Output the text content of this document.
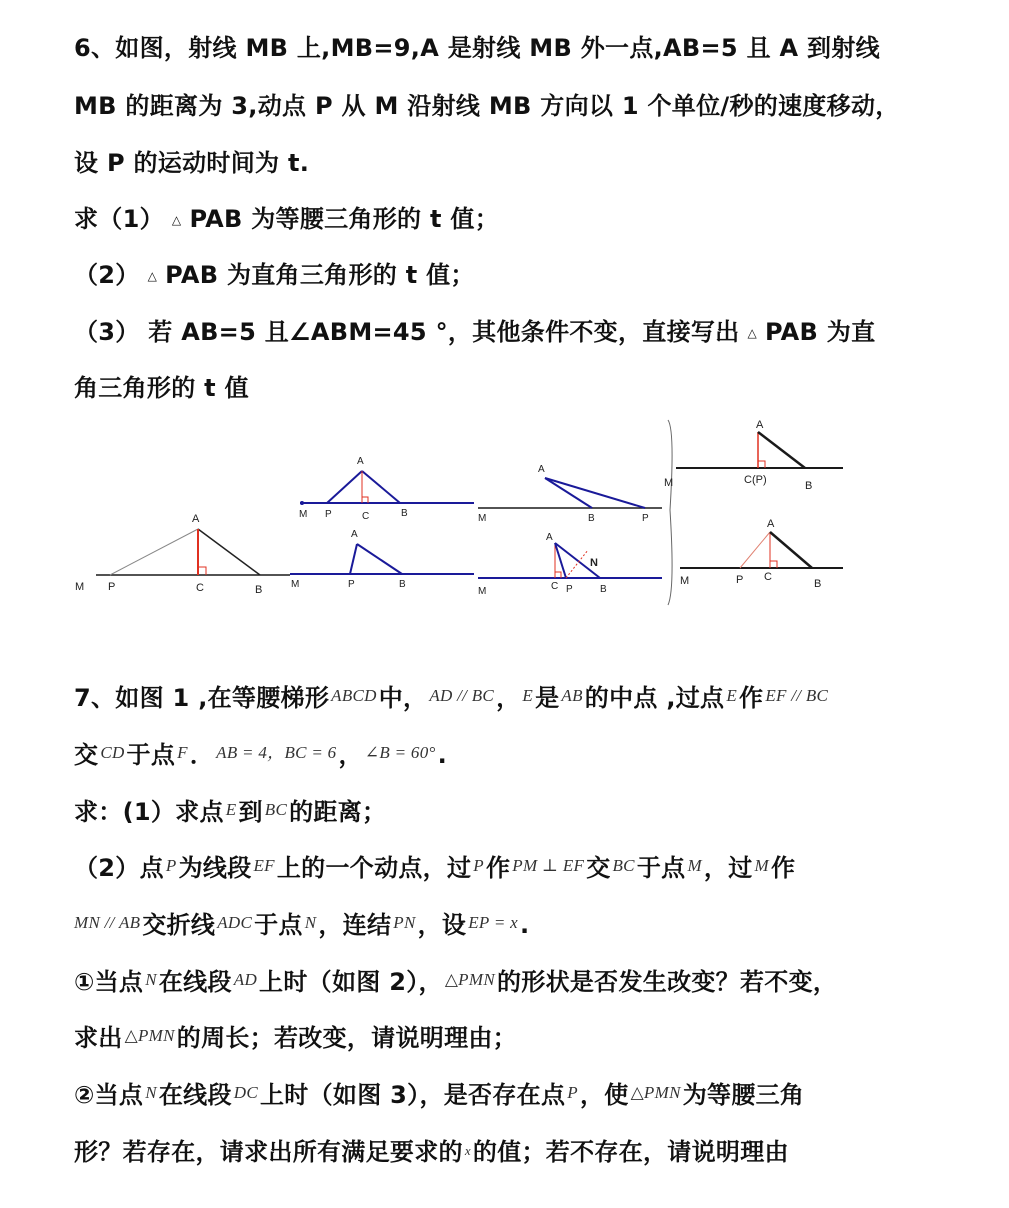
6、如图，射线 MB 上,MB=9,A 是射线 MB 外一点,AB=5 且 A 到射线
MB 的距离为 3,动点 P 从 M 沿射线 MB 方向以 1 个单位/秒的速度移动，
设 P 的运动时间为 t.
求（1） △ PAB 为等腰三角形的 t 值；
（2） △ PAB 为直角三角形的 t 值；
（3） 若 AB=5 且∠ABM=45 °，其他条件不变，直接写出 △ PAB 为直
角三角形的 t 值
A
M P	C	B
A
M P	C	B
A
M	P	B
A
M	B	P
A
N
M	C P	B
A
M	C(P)	B
A
M	P C
B
7、如图 1 ,在等腰梯形 $^{ABCD}$中， $^{AD // BC}$， $^E$是 $^{AB}$的中点 ,过点 $^E$作 $^{EF // BC}$
交 $^{CD}$于点 $^F$． $^{AB = 4,BC = 6}$， $^{\angle B = 60^\circ}$.
求：(1）求点 $^E$到 $^{BC}$的距离；
（2）点 $^P$为线段 $^{EF}$上的一个动点，过 $^P$作 $^{PM \perp EF}$交 $^{BC}$于点 $^M$，过 $^M$作
$^{MN // AB}$交折线 $^{ADC}$于点 $^N$，连结 $^{PN}$，设 $^{EP = x}$.
①当点 $^N$在线段 $^{AD}$上时（如图 2）， $^{\triangle PMN}$的形状是否发生改变？若不变，
求出 $^{\triangle PMN}$的周长；若改变，请说明理由；
②当点 $^N$在线段 $^{DC}$上时（如图 3），是否存在点 $^P$，使 $^{\triangle PMN}$为等腰三角
形？若存在，请求出所有满足要求的 $^x$的值；若不存在，请说明理由
